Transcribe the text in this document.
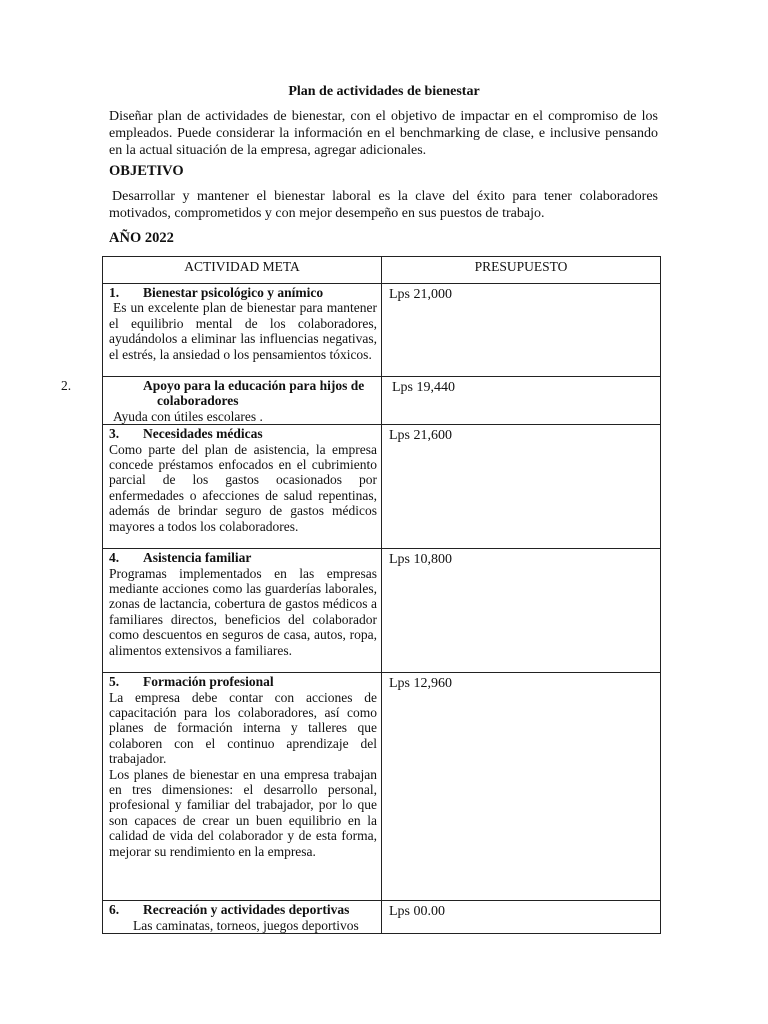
Plan de actividades de bienestar

Diseñar plan de actividades de bienestar, con el objetivo de impactar en el compromiso de los empleados. Puede considerar la información en el benchmarking de clase, e inclusive pensando en la actual situación de la empresa, agregar adicionales.

OBJETIVO

Desarrollar y mantener el bienestar laboral es la clave del éxito para tener colaboradores motivados, comprometidos y con mejor desempeño en sus puestos de trabajo.

AÑO 2022
ACTIVIDAD META	PRESUPUESTO

1. Bienestar psicológico y anímico
Es un excelente plan de bienestar para mantener el equilibrio mental de los colaboradores, ayudándolos a eliminar las influencias negativas, el estrés, la ansiedad o los pensamientos tóxicos.	Lps 21,000

2. Apoyo para la educación para hijos de colaboradores
Ayuda con útiles escolares .	Lps 19,440

3. Necesidades médicas
Como parte del plan de asistencia, la empresa concede préstamos enfocados en el cubrimiento parcial de los gastos ocasionados por enfermedades o afecciones de salud repentinas, además de brindar seguro de gastos médicos mayores a todos los colaboradores.	Lps 21,600

4. Asistencia familiar
Programas implementados en las empresas mediante acciones como las guarderías laborales, zonas de lactancia, cobertura de gastos médicos a familiares directos, beneficios del colaborador como descuentos en seguros de casa, autos, ropa, alimentos extensivos a familiares.	Lps 10,800

5. Formación profesional
La empresa debe contar con acciones de capacitación para los colaboradores, así como planes de formación interna y talleres que colaboren con el continuo aprendizaje del trabajador.
Los planes de bienestar en una empresa trabajan en tres dimensiones: el desarrollo personal, profesional y familiar del trabajador, por lo que son capaces de crear un buen equilibrio en la calidad de vida del colaborador y de esta forma, mejorar su rendimiento en la empresa.	Lps 12,960

6. Recreación y actividades deportivas
Las caminatas, torneos, juegos deportivos	Lps 00.00
